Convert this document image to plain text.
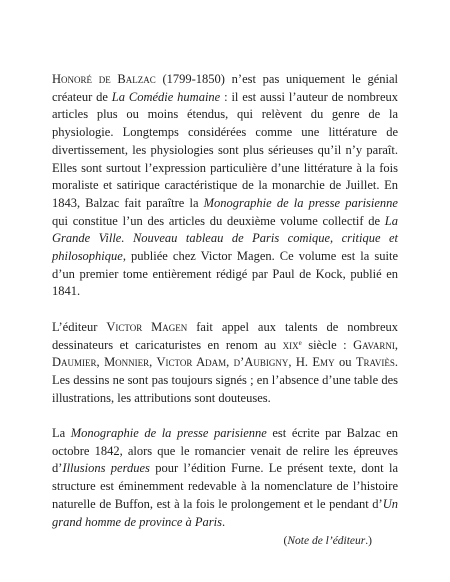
Honoré de Balzac (1799-1850) n’est pas uniquement le génial créateur de La Comédie humaine : il est aussi l’auteur de nombreux articles plus ou moins étendus, qui relèvent du genre de la physiologie. Longtemps considérées comme une littérature de divertissement, les physiologies sont plus sérieuses qu’il n’y paraît. Elles sont surtout l’expression particulière d’une littérature à la fois moraliste et satirique caractéristique de la monarchie de Juillet. En 1843, Balzac fait paraître la Monographie de la presse parisienne qui constitue l’un des articles du deuxième volume collectif de La Grande Ville. Nouveau tableau de Paris comique, critique et philosophique, publiée chez Victor Magen. Ce volume est la suite d’un premier tome entièrement rédigé par Paul de Kock, publié en 1841.

L’éditeur Victor Magen fait appel aux talents de nombreux dessinateurs et caricaturistes en renom au xix$^e$ siècle : Gavarni, Daumier, Monnier, Victor Adam, d’Aubigny, H. Emy ou Traviès. Les dessins ne sont pas toujours signés ; en l’absence d’une table des illustrations, les attributions sont douteuses.

La Monographie de la presse parisienne est écrite par Balzac en octobre 1842, alors que le romancier venait de relire les épreuves d’Illusions perdues pour l’édition Furne. Le présent texte, dont la structure est éminemment redevable à la nomenclature de l’histoire naturelle de Buffon, est à la fois le prolongement et le pendant d’Un grand homme de province à Paris.

(Note de l’éditeur.)
